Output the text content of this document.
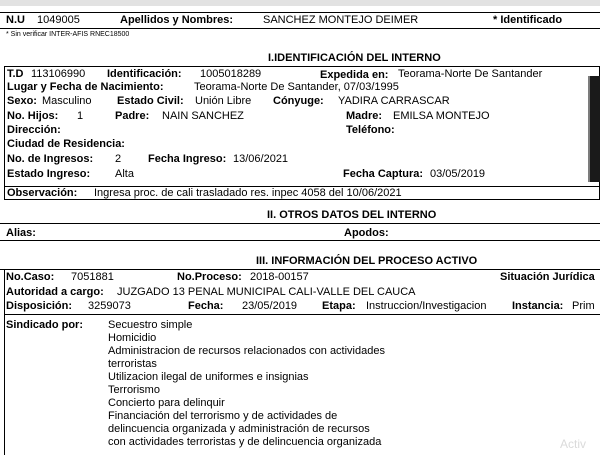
N.U 1049005	Apellidos y Nombres:	SANCHEZ MONTEJO DEIMER	* Identificado
* Sin verificar INTER-AFIS RNEC18500
I.IDENTIFICACIÓN DEL INTERNO
T.D 113106990 Identificación: 1005018289	Expedida en: Teorama-Norte De Santander
Lugar y Fecha de Nacimiento:	Teorama-Norte De Santander, 07/03/1995
Sexo: Masculino Estado Civil: Unión Libre Cónyuge: YADIRA CARRASCAR
No. Hijos: 1	Padre: NAIN SANCHEZ	Madre: EMILSA MONTEJO
Dirección:	Teléfono:
Ciudad de Residencia:
No. de Ingresos: 2 Fecha Ingreso: 13/06/2021
Estado Ingreso: Alta	Fecha Captura: 03/05/2019
Observación: Ingresa proc. de cali trasladado res. inpec 4058 del 10/06/2021
II. OTROS DATOS DEL INTERNO
Alias:	Apodos:
III. INFORMACIÓN DEL PROCESO ACTIVO
No.Caso: 7051881	No.Proceso: 2018-00157	Situación Jurídica
Autoridad a cargo: JUZGADO 13 PENAL MUNICIPAL CALI-VALLE DEL CAUCA
Disposición: 3259073	Fecha: 23/05/2019 Etapa: Instruccion/Investigacion Instancia: Prim
Sindicado por: Secuestro simple
Homicidio
Administracion de recursos relacionados con actividades
terroristas
Utilizacion ilegal de uniformes e insignias
Terrorismo
Concierto para delinquir
Financiación del terrorismo y de actividades de
delincuencia organizada y administración de recursos
con actividades terroristas y de delincuencia organizada	Activ
